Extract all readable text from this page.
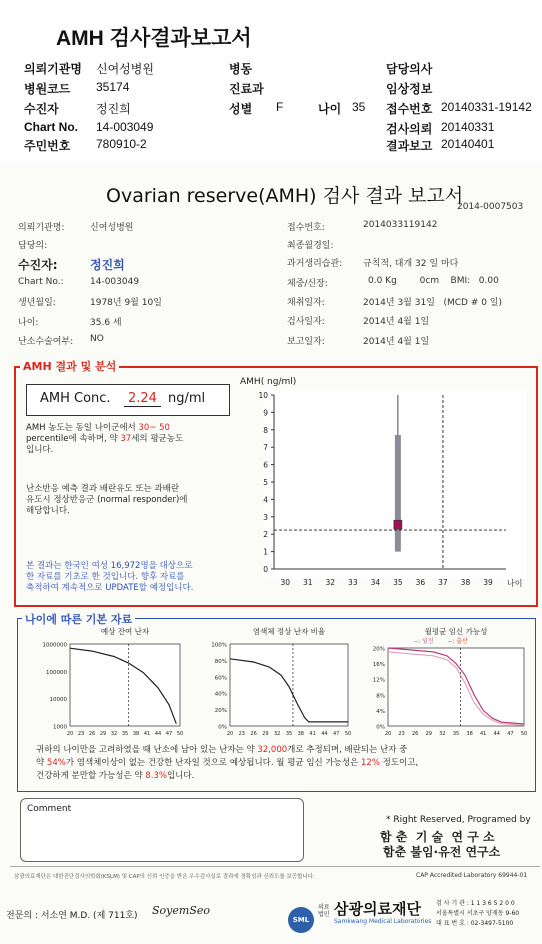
AMH 검사결과보고서
의뢰기관명 신여성병원	병동	담당의사
병원코드 35174	진료과	임상정보
수진자	정진희	성별 F	나이 35 접수번호 20140331-19142
Chart No. 14-003049	검사의뢰 20140331
주민번호 780910-2	결과보고 20140401
Ovarian reserve(AMH) 검사 결과 보고서
2014-0007503
의뢰기관명:	신여성병원
담당의:
수진자:	정진희
Chart No.:	14-003049
생년월일:	1978년 9월 10일
나이:	35.6 세
난소수술여부: NO
접수번호:	2014033119142
최종월경일:
과거생리습관: 규칙적, 대개 32 일 마다
체중/신장:	0.0 Kg        0cm    BMI:   0.00
채취일자:	2014년 3월 31일   (MCD # 0 일)
검사일자:	2014년 4월 1일
보고일자:	2014년 4월 1일
AMH 결과 및 분석
AMH Conc.	2.24 ng/ml
AMH 농도는 동일 나이군에서 30~ 50
percentile에 속하며, 약 37세의 평균농도
입니다.
난소반응 예측 결과 배란유도 또는 과배란
유도시 정상반응군 (normal responder)에
해당합니다.
본 결과는 한국인 여성 16,972명을 대상으로
한 자료를 기초로 한 것입니다. 향후 자료를
축적하여 계속적으로 UPDATE할 예정입니다.
AMH( ng/ml)
0
1
2
3
4
5
6
7
8
9
10
30 31 32 33 34 35 36 37 38 39 나이
나이에 따른 기본 자료
예상 잔여 난자
1000
10000
100000
1000000
20 23 26 29 32 35 38 41 44 47 50
염색체 정상 난자 비율
0%
20%
40%
60%
80%
100%
20 23 26 29 32 35 38 41 44 47 50
월평균 임신 가능성
0%
4%
8%
12%
16%
20%
20 23 26 29 32 35 38 41 44 47 50
--: 임신 --: 출산
귀하의 나이만을 고려하였을 때 난소에 남아 있는 난자는 약 32,000개로 추정되며, 배란되는 난자 중
약 54%가 염색체이상이 없는 건강한 난자일 것으로 예상됩니다. 월 평균 임신 가능성은 12% 정도이고,
건강하게 분만할 가능성은 약 8.3%입니다.
Comment
* Right Reserved, Programed by
함 춘  기 술  연 구 소
함춘 불임·유전 연구소
삼광의료재단은 대한진단검사의학회(KSLM) 및 CAP의 신뢰 인증을 받은 우수검사실로 결과에 정확성과 신뢰도를 보증합니다.	CAP Accredited Laboratory 69944-01
전문의 : 서소연 M.D. (제 711호) SoyemSeo
SML
의료법인 삼광의료재단
Samkwang Medical Laboratories
검 사 기 관 : 1 1 3 6 5 2 0 0
서울특별시 서초구 양재동 9-60
대 표 번 호 : 02-3497-5100
